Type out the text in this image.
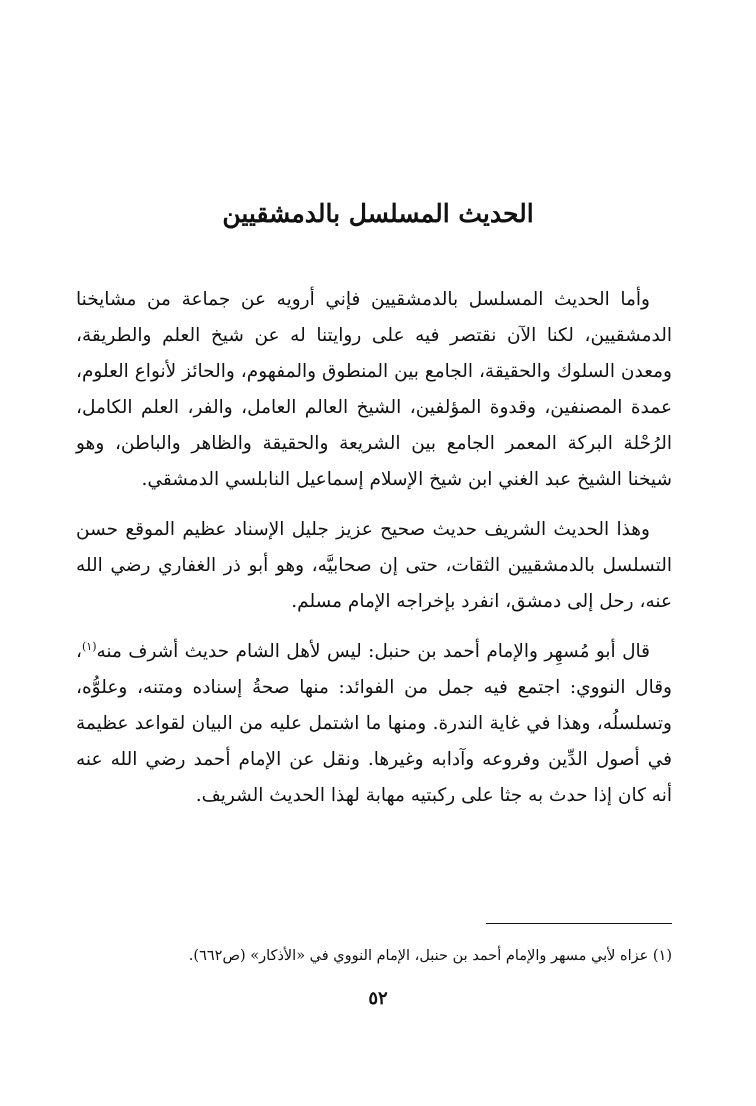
الحديث المسلسل بالدمشقيين

وأما الحديث المسلسل بالدمشقيين فإني أرويه عن جماعة من مشايخنا الدمشقيين، لكنا الآن نقتصر فيه على روايتنا له عن شيخ العلم والطريقة، ومعدن السلوك والحقيقة، الجامع بين المنطوق والمفهوم، والحائز لأنواع العلوم، عمدة المصنفين، وقدوة المؤلفين، الشيخ العالم العامل، والفر، العلم الكامل، الرُحْلة البركة المعمر الجامع بين الشريعة والحقيقة والظاهر والباطن، وهو شيخنا الشيخ عبد الغني ابن شيخ الإسلام إسماعيل النابلسي الدمشقي.

وهذا الحديث الشريف حديث صحيح عزيز جليل الإسناد عظيم الموقع حسن التسلسل بالدمشقيين الثقات، حتى إن صحابيَّه، وهو أبو ذر الغفاري رضي الله عنه، رحل إلى دمشق، انفرد بإخراجه الإمام مسلم.

قال أبو مُسهِر والإمام أحمد بن حنبل: ليس لأهل الشام حديث أشرف منه$^{(١)}$، وقال النووي: اجتمع فيه جمل من الفوائد: منها صحةُ إسناده ومتنه، وعلوُّه، وتسلسلُه، وهذا في غاية الندرة. ومنها ما اشتمل عليه من البيان لقواعد عظيمة في أصول الدِّين وفروعه وآدابه وغيرها. ونقل عن الإمام أحمد رضي الله عنه أنه كان إذا حدث به جثا على ركبتيه مهابة لهذا الحديث الشريف.

(١) عزاه لأبي مسهر والإمام أحمد بن حنبل، الإمام النووي في «الأذكار» (ص٦٦٢).

٥٢
